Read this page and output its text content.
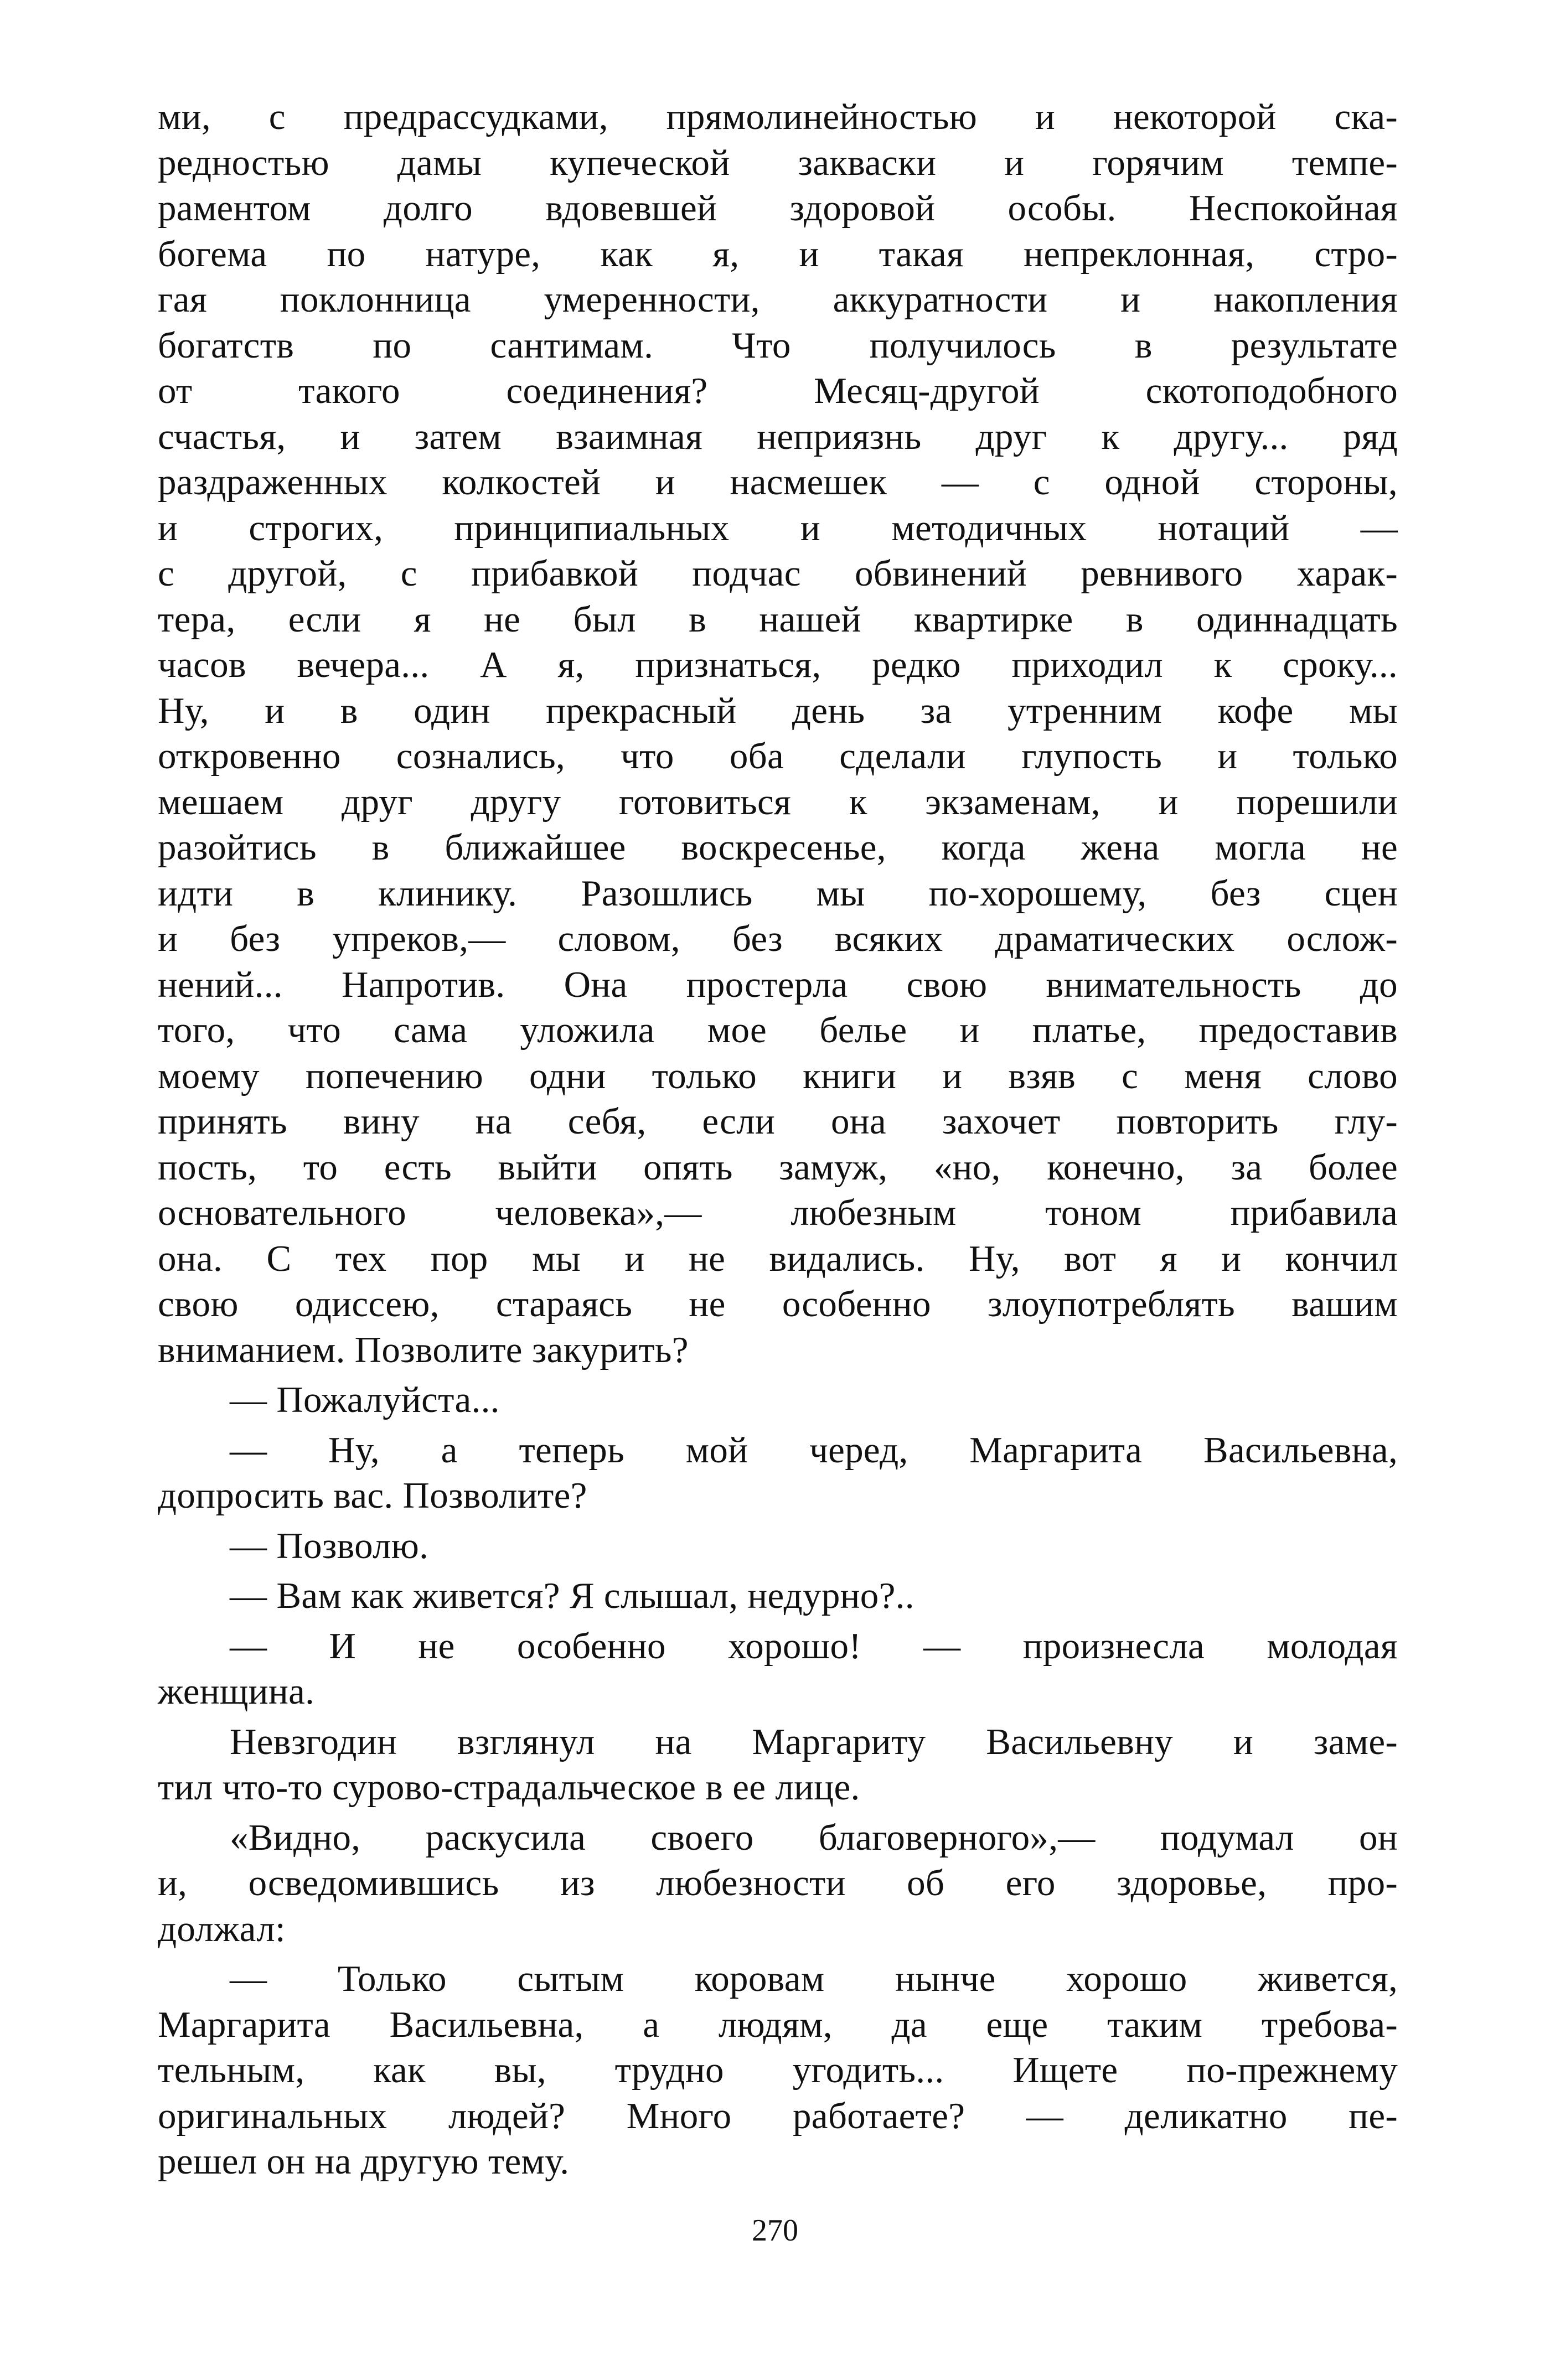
ми, с предрассудками, прямолинейностью и некоторой ска-
редностью дамы купеческой закваски и горячим темпе-
раментом долго вдовевшей здоровой особы. Неспокойная
богема по натуре, как я, и такая непреклонная, стро-
гая поклонница умеренности, аккуратности и накопления
богатств по сантимам. Что получилось в результате
от такого соединения? Месяц-другой скотоподобного
счастья, и затем взаимная неприязнь друг к другу... ряд
раздраженных колкостей и насмешек — с одной стороны,
и строгих, принципиальных и методичных нотаций —
с другой, с прибавкой подчас обвинений ревнивого харак-
тера, если я не был в нашей квартирке в одиннадцать
часов вечера... А я, признаться, редко приходил к сроку...
Ну, и в один прекрасный день за утренним кофе мы
откровенно сознались, что оба сделали глупость и только
мешаем друг другу готовиться к экзаменам, и порешили
разойтись в ближайшее воскресенье, когда жена могла не
идти в клинику. Разошлись мы по-хорошему, без сцен
и без упреков,— словом, без всяких драматических ослож-
нений... Напротив. Она простерла свою внимательность до
того, что сама уложила мое белье и платье, предоставив
моему попечению одни только книги и взяв с меня слово
принять вину на себя, если она захочет повторить глу-
пость, то есть выйти опять замуж, «но, конечно, за более
основательного человека»,— любезным тоном прибавила
она. С тех пор мы и не видались. Ну, вот я и кончил
свою одиссею, стараясь не особенно злоупотреблять вашим
вниманием. Позволите закурить?
— Пожалуйста...
— Ну, а теперь мой черед, Маргарита Васильевна,
допросить вас. Позволите?
— Позволю.
— Вам как живется? Я слышал, недурно?..
— И не особенно хорошо! — произнесла молодая
женщина.
Невзгодин взглянул на Маргариту Васильевну и заме-
тил что-то сурово-страдальческое в ее лице.
«Видно, раскусила своего благоверного»,— подумал он
и, осведомившись из любезности об его здоровье, про-
должал:
— Только сытым коровам нынче хорошо живется,
Маргарита Васильевна, а людям, да еще таким требова-
тельным, как вы, трудно угодить... Ищете по-прежнему
оригинальных людей? Много работаете? — деликатно пе-
решел он на другую тему.
270
